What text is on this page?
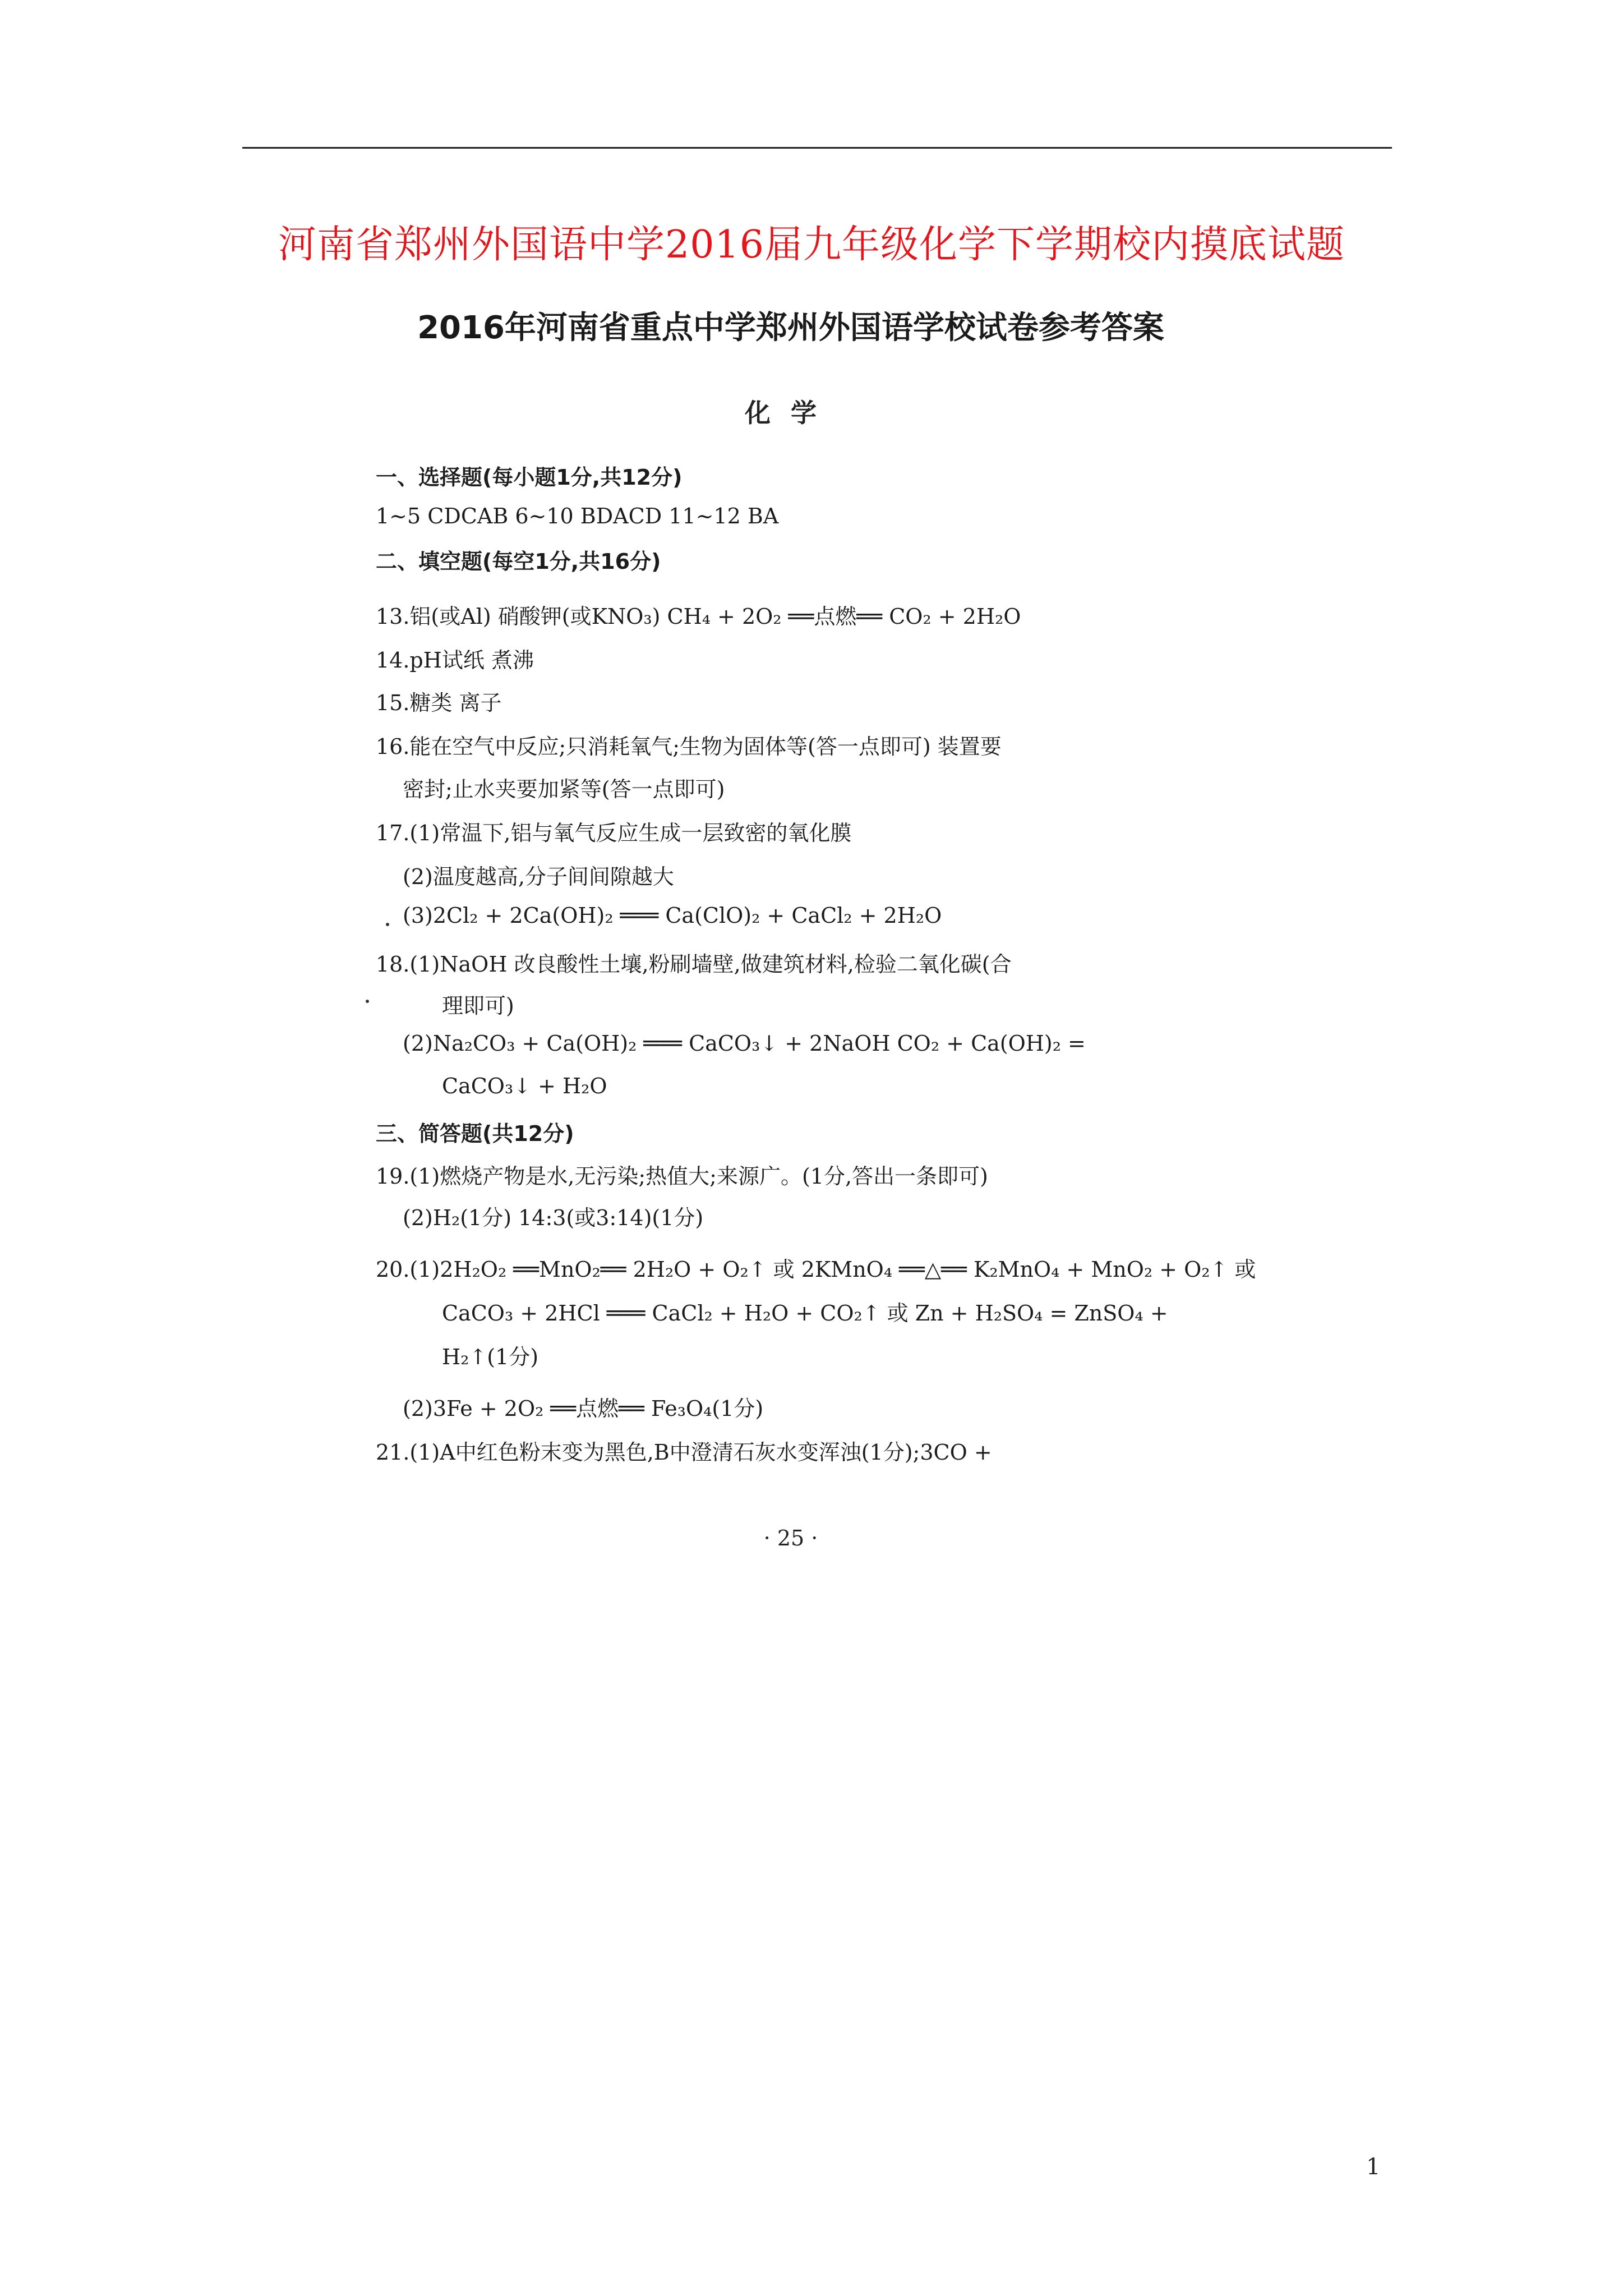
河南省郑州外国语中学2016届九年级化学下学期校内摸底试题
2016年河南省重点中学郑州外国语学校试卷参考答案
化学
一、选择题(每小题1分,共12分)
1~5 CDCAB 6~10 BDACD 11~12 BA
二、填空题(每空1分,共16分)
13.铝(或Al) 硝酸钾(或KNO₃) CH₄ + 2O₂ ══点燃══ CO₂ + 2H₂O
14.pH试纸 煮沸
15.糖类 离子
16.能在空气中反应;只消耗氧气;生物为固体等(答一点即可) 装置要
密封;止水夹要加紧等(答一点即可)
17.(1)常温下,铝与氧气反应生成一层致密的氧化膜
(2)温度越高,分子间间隙越大
(3)2Cl₂ + 2Ca(OH)₂ ═══ Ca(ClO)₂ + CaCl₂ + 2H₂O
18.(1)NaOH 改良酸性土壤,粉刷墙壁,做建筑材料,检验二氧化碳(合
理即可)
(2)Na₂CO₃ + Ca(OH)₂ ═══ CaCO₃↓ + 2NaOH CO₂ + Ca(OH)₂ =
CaCO₃↓ + H₂O
三、简答题(共12分)
19.(1)燃烧产物是水,无污染;热值大;来源广。(1分,答出一条即可)
(2)H₂(1分) 14:3(或3:14)(1分)
20.(1)2H₂O₂ ══MnO₂══ 2H₂O + O₂↑ 或 2KMnO₄ ══△══ K₂MnO₄ + MnO₂ + O₂↑ 或
CaCO₃ + 2HCl ═══ CaCl₂ + H₂O + CO₂↑ 或 Zn + H₂SO₄ = ZnSO₄ +
H₂↑(1分)
(2)3Fe + 2O₂ ══点燃══ Fe₃O₄(1分)
21.(1)A中红色粉末变为黑色,B中澄清石灰水变浑浊(1分);3CO +
· 25 ·
1
